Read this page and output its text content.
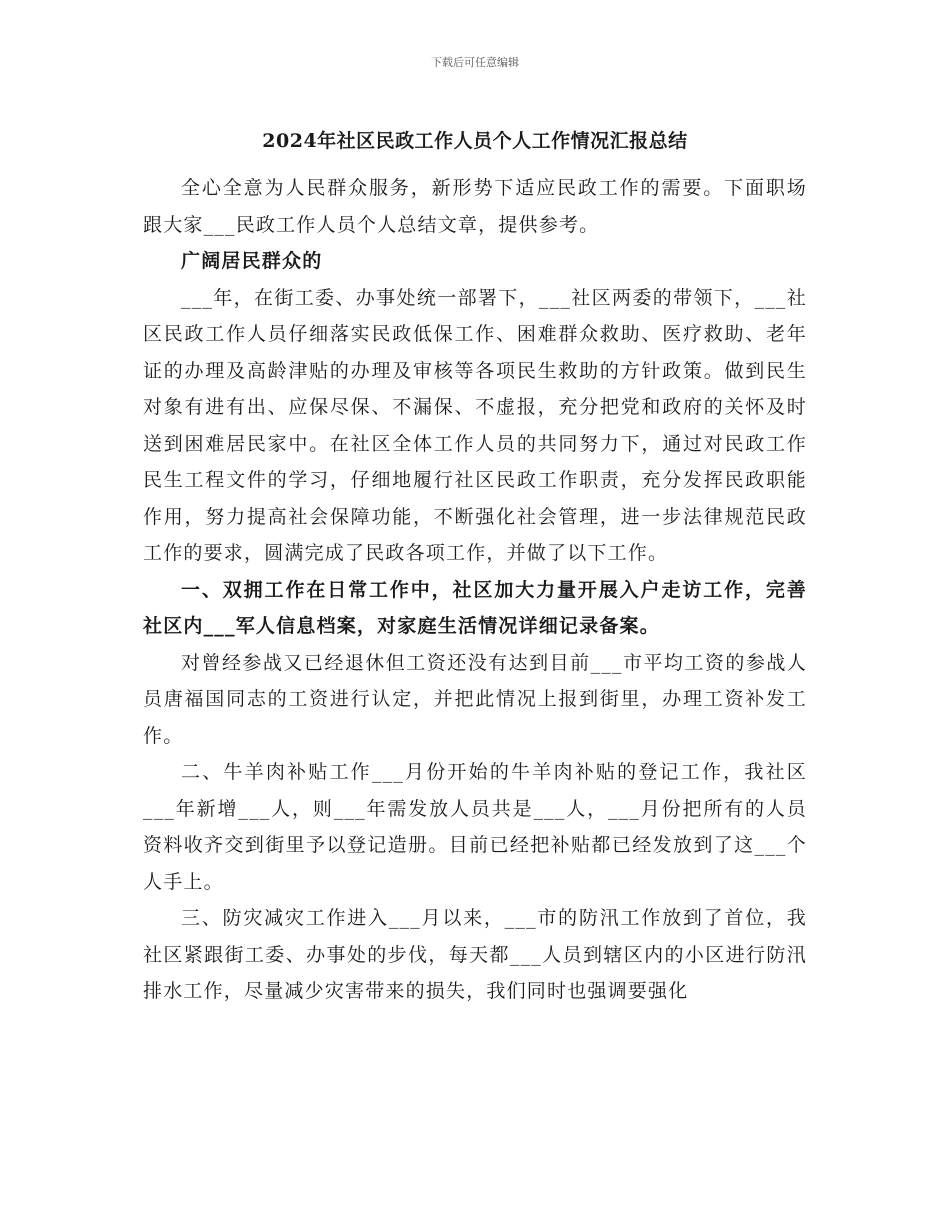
下载后可任意编辑
2024年社区民政工作人员个人工作情况汇报总结

全心全意为人民群众服务，新形势下适应民政工作的需要。下面职场跟大家___民政工作人员个人总结文章，提供参考。

广阔居民群众的

___年，在街工委、办事处统一部署下，___社区两委的带领下，___社区民政工作人员仔细落实民政低保工作、困难群众救助、医疗救助、老年证的办理及高龄津贴的办理及审核等各项民生救助的方针政策。做到民生对象有进有出、应保尽保、不漏保、不虚报，充分把党和政府的关怀及时送到困难居民家中。在社区全体工作人员的共同努力下，通过对民政工作民生工程文件的学习，仔细地履行社区民政工作职责，充分发挥民政职能作用，努力提高社会保障功能，不断强化社会管理，进一步法律规范民政工作的要求，圆满完成了民政各项工作，并做了以下工作。

一、双拥工作在日常工作中，社区加大力量开展入户走访工作，完善社区内___军人信息档案，对家庭生活情况详细记录备案。

对曾经参战又已经退休但工资还没有达到目前___市平均工资的参战人员唐福国同志的工资进行认定，并把此情况上报到街里，办理工资补发工作。

二、牛羊肉补贴工作___月份开始的牛羊肉补贴的登记工作，我社区___年新增___人，则___年需发放人员共是___人，___月份把所有的人员资料收齐交到街里予以登记造册。目前已经把补贴都已经发放到了这___个人手上。

三、防灾减灾工作进入___月以来，___市的防汛工作放到了首位，我社区紧跟街工委、办事处的步伐，每天都___人员到辖区内的小区进行防汛排水工作，尽量减少灾害带来的损失，我们同时也强调要强化
